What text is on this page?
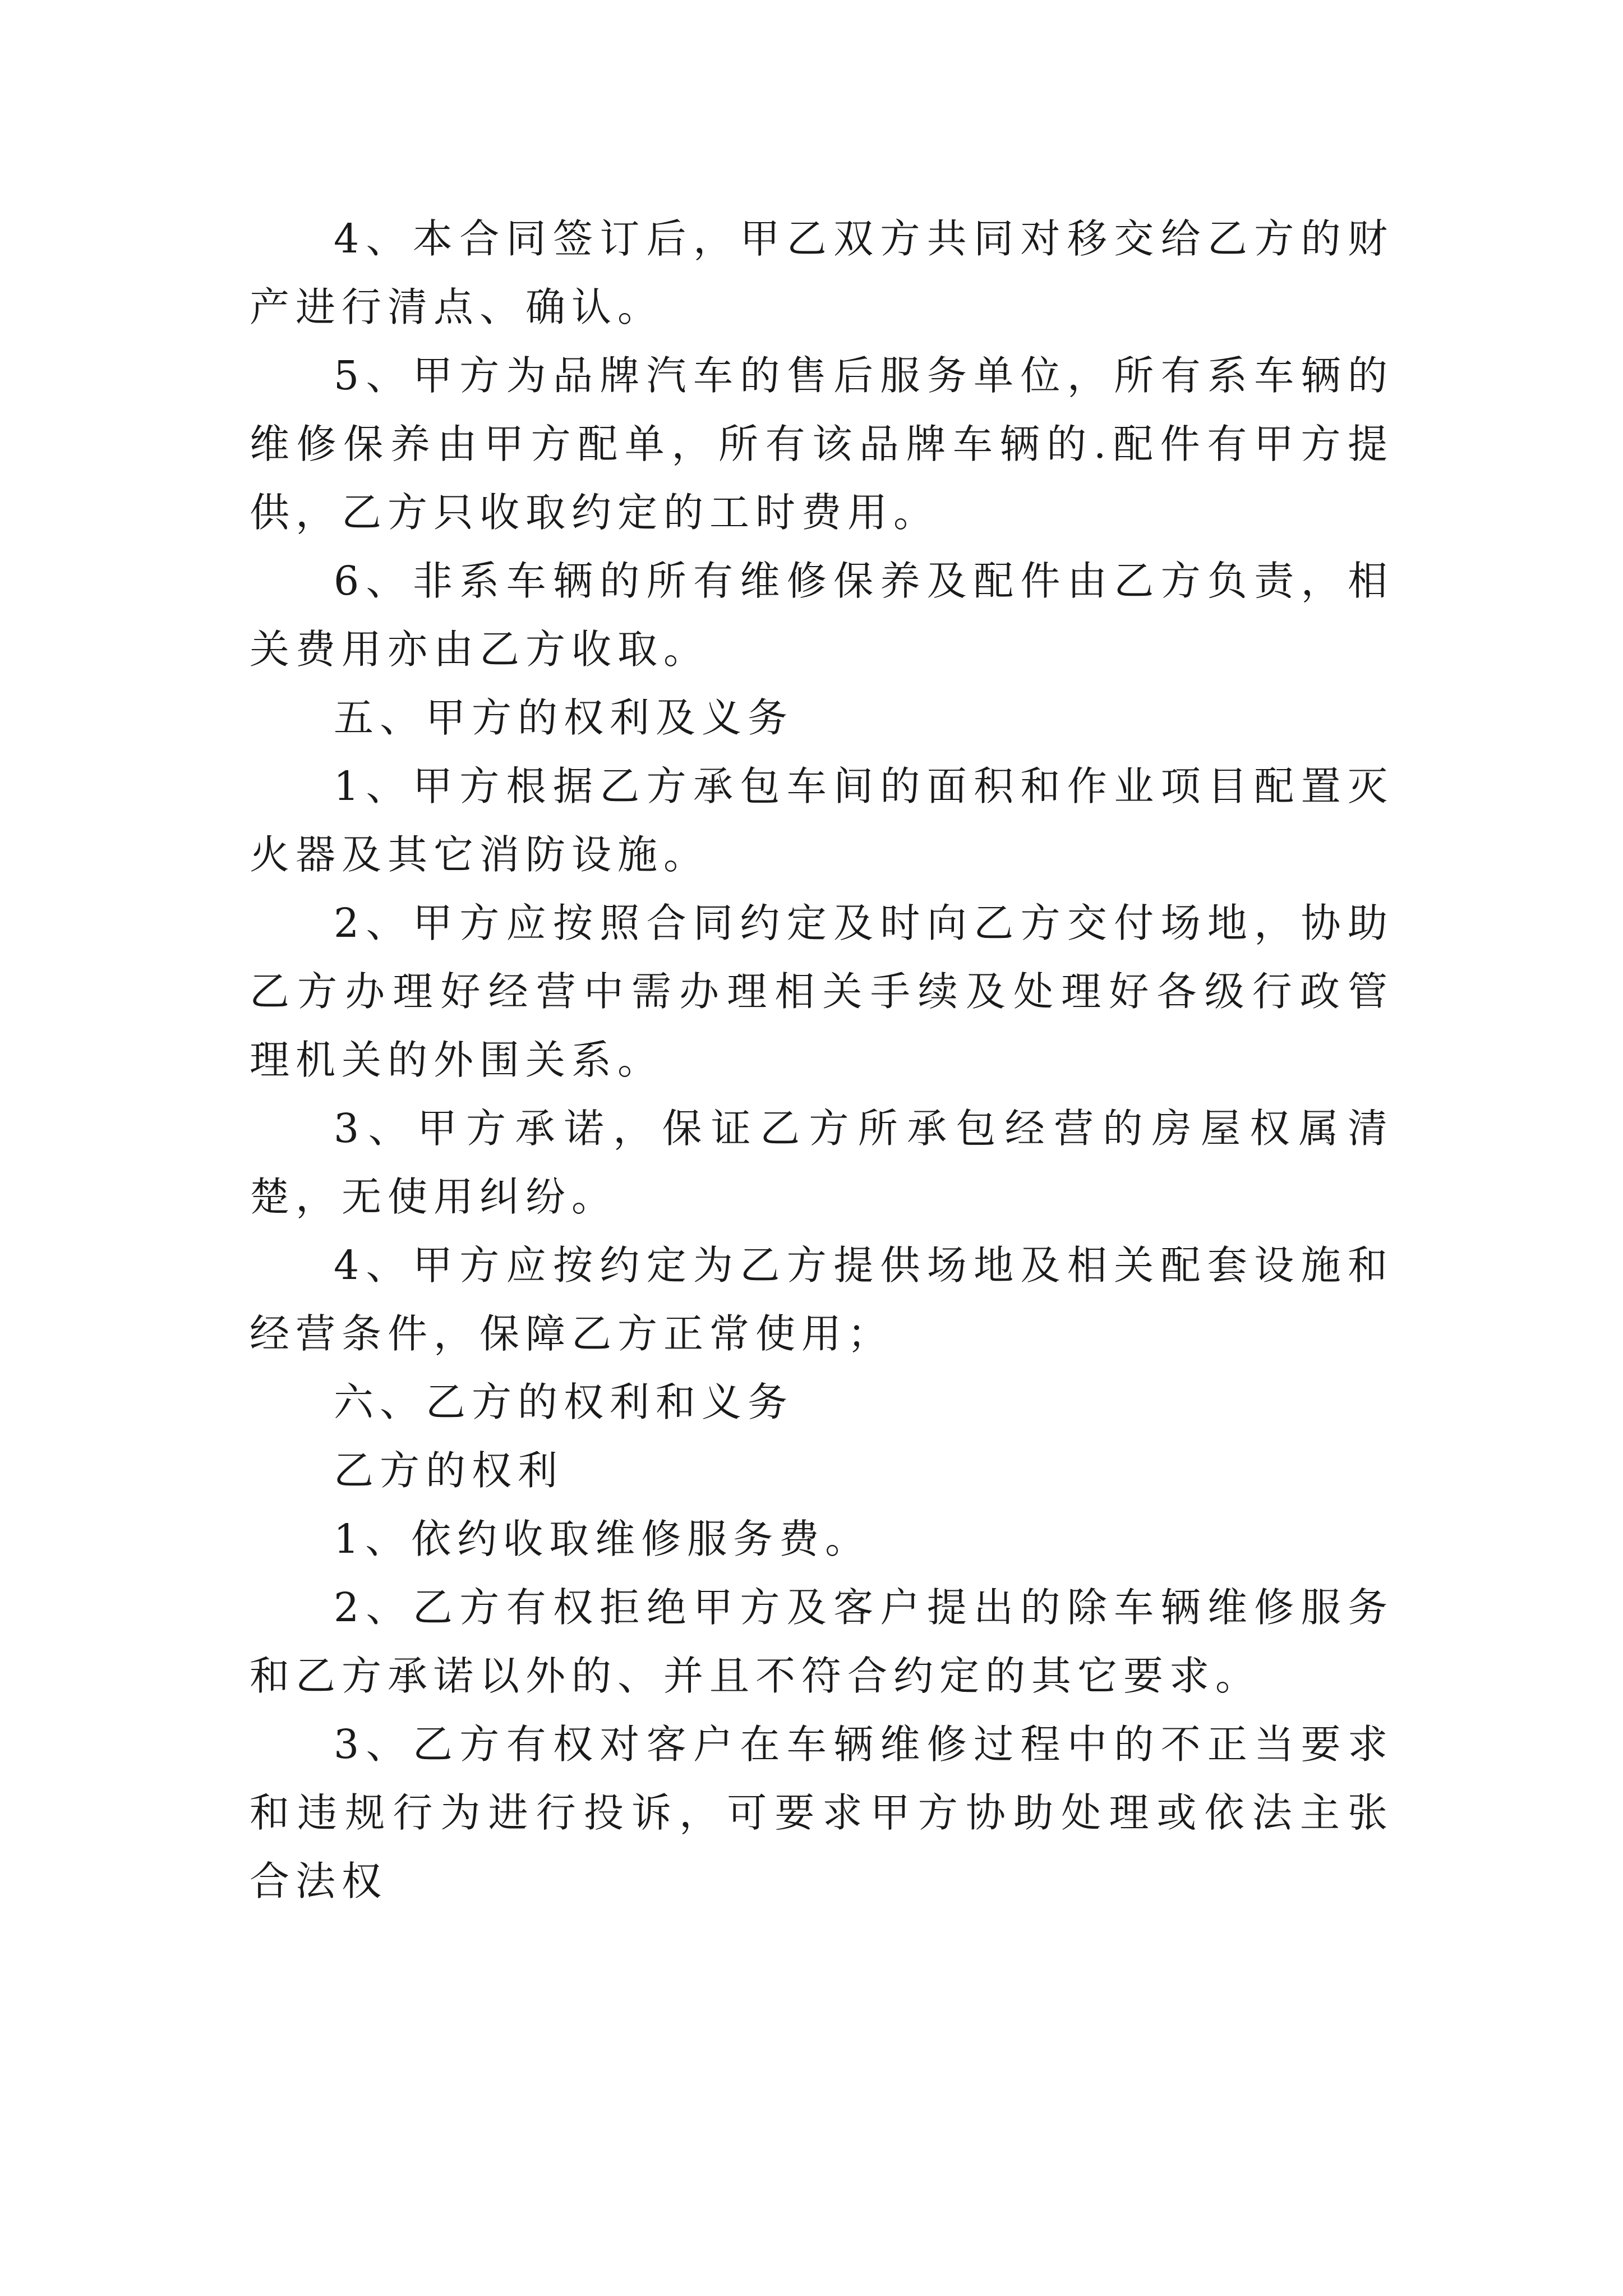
4、本合同签订后，甲乙双方共同对移交给乙方的财产进行清点、确认。

5、甲方为品牌汽车的售后服务单位，所有系车辆的维修保养由甲方配单，所有该品牌车辆的.配件有甲方提供，乙方只收取约定的工时费用。

6、非系车辆的所有维修保养及配件由乙方负责，相关费用亦由乙方收取。

五、甲方的权利及义务

1、甲方根据乙方承包车间的面积和作业项目配置灭火器及其它消防设施。

2、甲方应按照合同约定及时向乙方交付场地，协助乙方办理好经营中需办理相关手续及处理好各级行政管理机关的外围关系。

3、甲方承诺，保证乙方所承包经营的房屋权属清楚，无使用纠纷。

4、甲方应按约定为乙方提供场地及相关配套设施和经营条件，保障乙方正常使用；

六、乙方的权利和义务

乙方的权利

1、依约收取维修服务费。

2、乙方有权拒绝甲方及客户提出的除车辆维修服务和乙方承诺以外的、并且不符合约定的其它要求。

3、乙方有权对客户在车辆维修过程中的不正当要求和违规行为进行投诉，可要求甲方协助处理或依法主张合法权
